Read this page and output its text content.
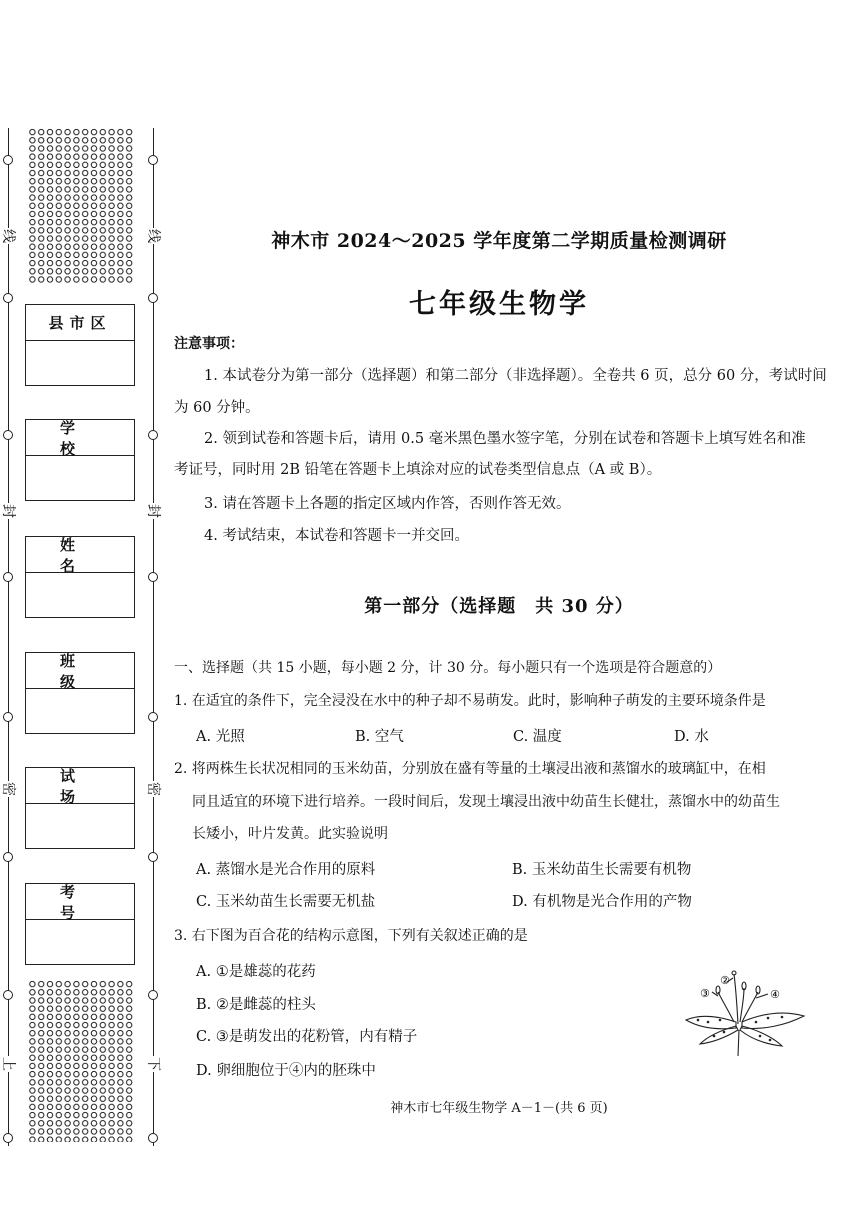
线
封
密
上
线
封
密
下
县市区
学 校
姓 名
班 级
试 场
考 号
神木市 2024～2025 学年度第二学期质量检测调研
七年级生物学
注意事项：
1. 本试卷分为第一部分（选择题）和第二部分（非选择题）。全卷共 6 页，总分 60 分，考试时间
为 60 分钟。
2. 领到试卷和答题卡后，请用 0.5 毫米黑色墨水签字笔，分别在试卷和答题卡上填写姓名和准
考证号，同时用 2B 铅笔在答题卡上填涂对应的试卷类型信息点（A 或 B）。
3. 请在答题卡上各题的指定区域内作答，否则作答无效。
4. 考试结束，本试卷和答题卡一并交回。
第一部分（选择题　共 30 分）
一、选择题（共 15 小题，每小题 2 分，计 30 分。每小题只有一个选项是符合题意的）
1. 在适宜的条件下，完全浸没在水中的种子却不易萌发。此时，影响种子萌发的主要环境条件是
A. 光照	B. 空气	C. 温度	D. 水
2. 将两株生长状况相同的玉米幼苗，分别放在盛有等量的土壤浸出液和蒸馏水的玻璃缸中，在相
同且适宜的环境下进行培养。一段时间后，发现土壤浸出液中幼苗生长健壮，蒸馏水中的幼苗生
长矮小，叶片发黄。此实验说明
A. 蒸馏水是光合作用的原料	B. 玉米幼苗生长需要有机物
C. 玉米幼苗生长需要无机盐	D. 有机物是光合作用的产物
3. 右下图为百合花的结构示意图，下列有关叙述正确的是
A. ①是雄蕊的花药
B. ②是雌蕊的柱头
C. ③是萌发出的花粉管，内有精子
D. 卵细胞位于④内的胚珠中
神木市七年级生物学 A－1－(共 6 页)
②
③	④
